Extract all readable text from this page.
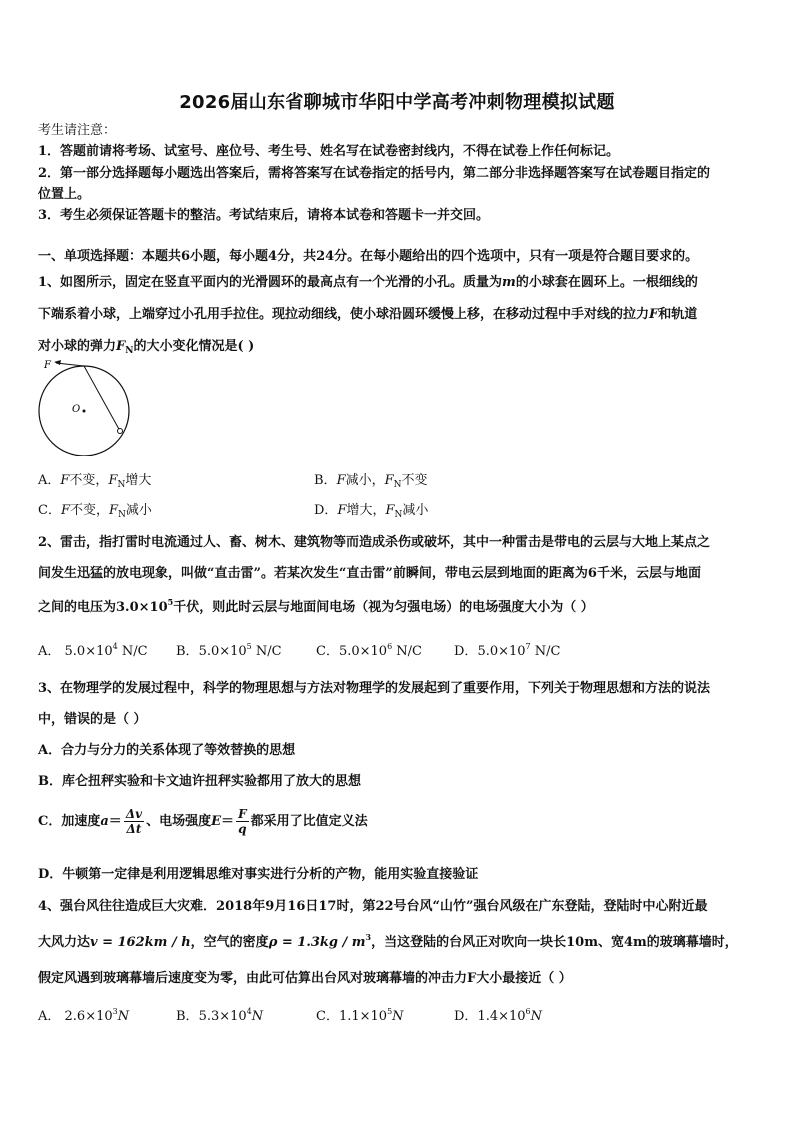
2026届山东省聊城市华阳中学高考冲刺物理模拟试题
考生请注意：
1．答题前请将考场、试室号、座位号、考生号、姓名写在试卷密封线内，不得在试卷上作任何标记。
2．第一部分选择题每小题选出答案后，需将答案写在试卷指定的括号内，第二部分非选择题答案写在试卷题目指定的
位置上。
3．考生必须保证答题卡的整洁。考试结束后，请将本试卷和答题卡一并交回。
一、单项选择题：本题共6小题，每小题4分，共24分。在每小题给出的四个选项中，只有一项是符合题目要求的。
1、如图所示，固定在竖直平面内的光滑圆环的最高点有一个光滑的小孔。质量为m的小球套在圆环上。一根细线的
下端系着小球，上端穿过小孔用手拉住。现拉动细线，使小球沿圆环缓慢上移，在移动过程中手对线的拉力F和轨道
对小球的弹力$F_N$的大小变化情况是( )
F
O
A．F不变，$F_N$增大	B．F减小，$F_N$不变
C．F不变，$F_N$减小	D．F增大，$F_N$减小
2、雷击，指打雷时电流通过人、畜、树木、建筑物等而造成杀伤或破坏，其中一种雷击是带电的云层与大地上某点之
间发生迅猛的放电现象，叫做“直击雷”。若某次发生“直击雷”前瞬间，带电云层到地面的距离为6千米，云层与地面
之间的电压为$3.0\times 10^5$千伏，则此时云层与地面间电场（视为匀强电场）的电场强度大小为（ ）
A． $5.0\times 10^4$ N/C B．$5.0\times 10^5$ N/C	C．$5.0\times 10^6$ N/C D．$5.0\times 10^7$ N/C
3、在物理学的发展过程中，科学的物理思想与方法对物理学的发展起到了重要作用，下列关于物理思想和方法的说法
中，错误的是（ ）
A．合力与分力的关系体现了等效替换的思想
B．库仑扭秤实验和卡文迪许扭秤实验都用了放大的思想
C．加速度$a= \frac{\Delta v}{\Delta t}$ 、电场强度$E= \frac{F}{q}$ 都采用了比值定义法
D．牛顿第一定律是利用逻辑思维对事实进行分析的产物，能用实验直接验证
4、强台风往往造成巨大灾难．2018年9月16日17时，第22号台风“山竹”强台风级在广东登陆，登陆时中心附近最
大风力达v = 162km / h，空气的密度$\rho = 1.3kg / m^3$，当这登陆的台风正对吹向一块长10m、宽4m的玻璃幕墙时，
假定风遇到玻璃幕墙后速度变为零，由此可估算出台风对玻璃幕墙的冲击力F大小最接近（ ）
A． $2.6\times 10^3N$	B．$5.3\times 10^4N$	C．$1.1\times 10^5N$	D．$1.4\times 10^6N$
